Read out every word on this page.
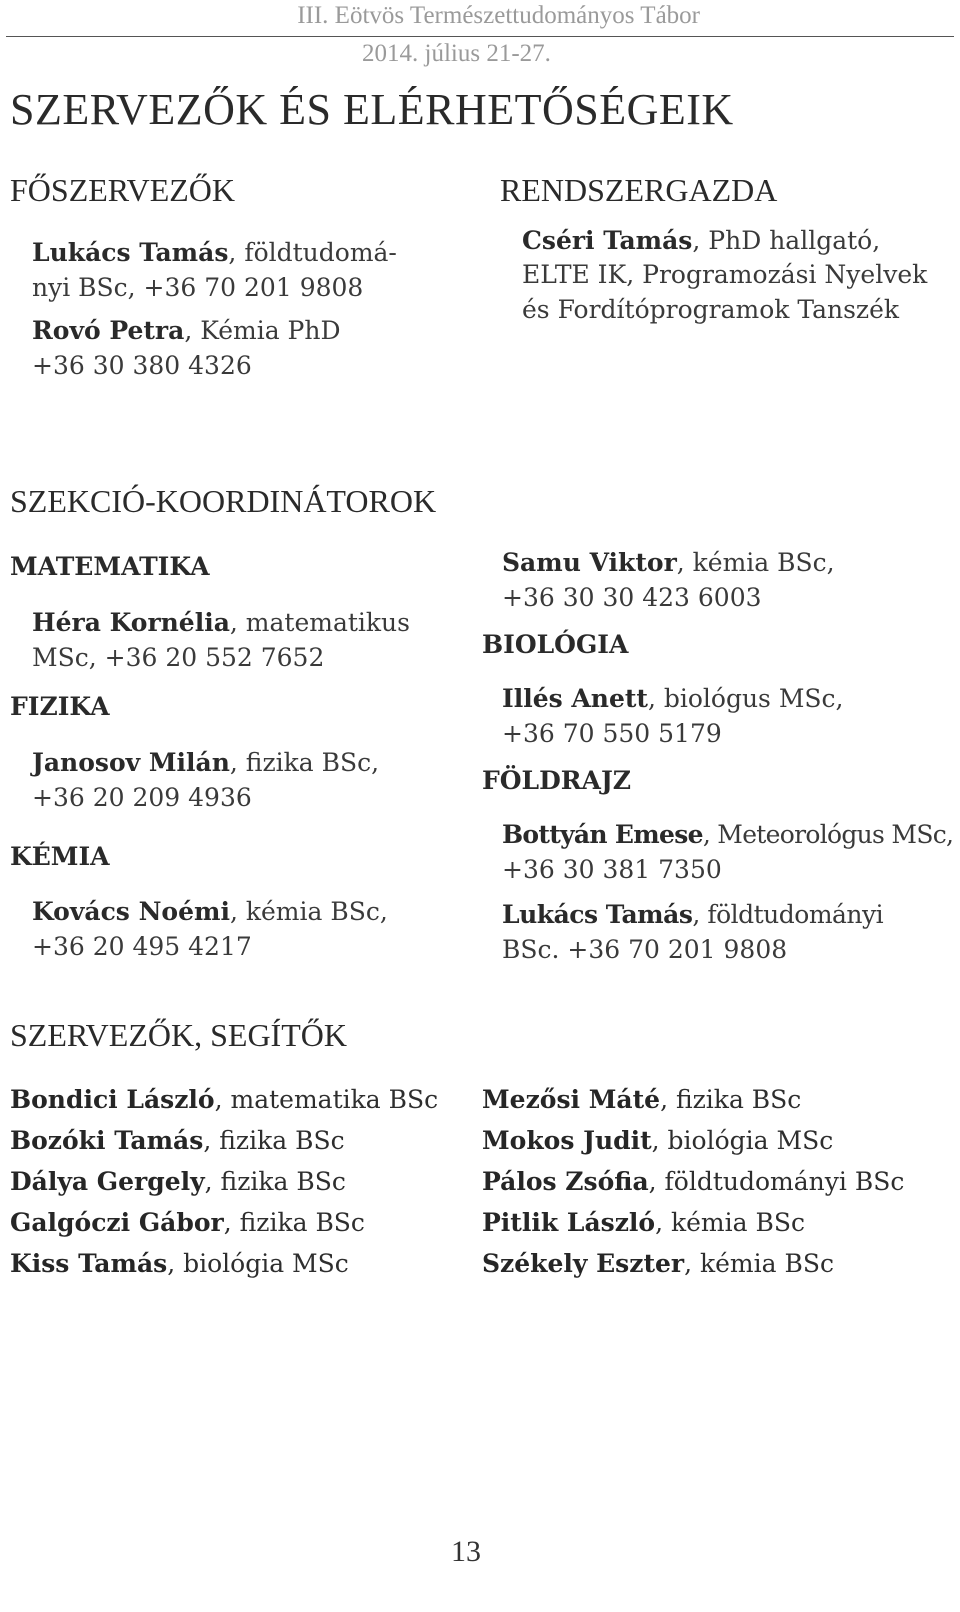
III. Eötvös Természettudományos Tábor
2014. július 21-27.
SZERVEZŐK ÉS ELÉRHETŐSÉGEIK
FŐSZERVEZŐK
Lukács Tamás, földtudomá-
nyi BSc, +36 70 201 9808
Rovó Petra, Kémia PhD
+36 30 380 4326
RENDSZERGAZDA
Cséri Tamás, PhD hallgató,
ELTE IK, Programozási Nyelvek
és Fordítóprogramok Tanszék
SZEKCIÓ-KOORDINÁTOROK
MATEMATIKA
Héra Kornélia, matematikus
MSc, +36 20 552 7652
FIZIKA
Janosov Milán, fizika BSc,
+36 20 209 4936
KÉMIA
Kovács Noémi, kémia BSc,
+36 20 495 4217
Samu Viktor, kémia BSc,
+36 30 30 423 6003
BIOLÓGIA
Illés Anett, biológus MSc,
+36 70 550 5179
FÖLDRAJZ
Bottyán Emese, Meteorológus MSc,
+36 30 381 7350
Lukács Tamás, földtudományi
BSc. +36 70 201 9808
SZERVEZŐK, SEGÍTŐK
Bondici László, matematika BSc
Bozóki Tamás, fizika BSc
Dálya Gergely, fizika BSc
Galgóczi Gábor, fizika BSc
Kiss Tamás, biológia MSc
Mezősi Máté, fizika BSc
Mokos Judit, biológia MSc
Pálos Zsófia, földtudományi BSc
Pitlik László, kémia BSc
Székely Eszter, kémia BSc
13
